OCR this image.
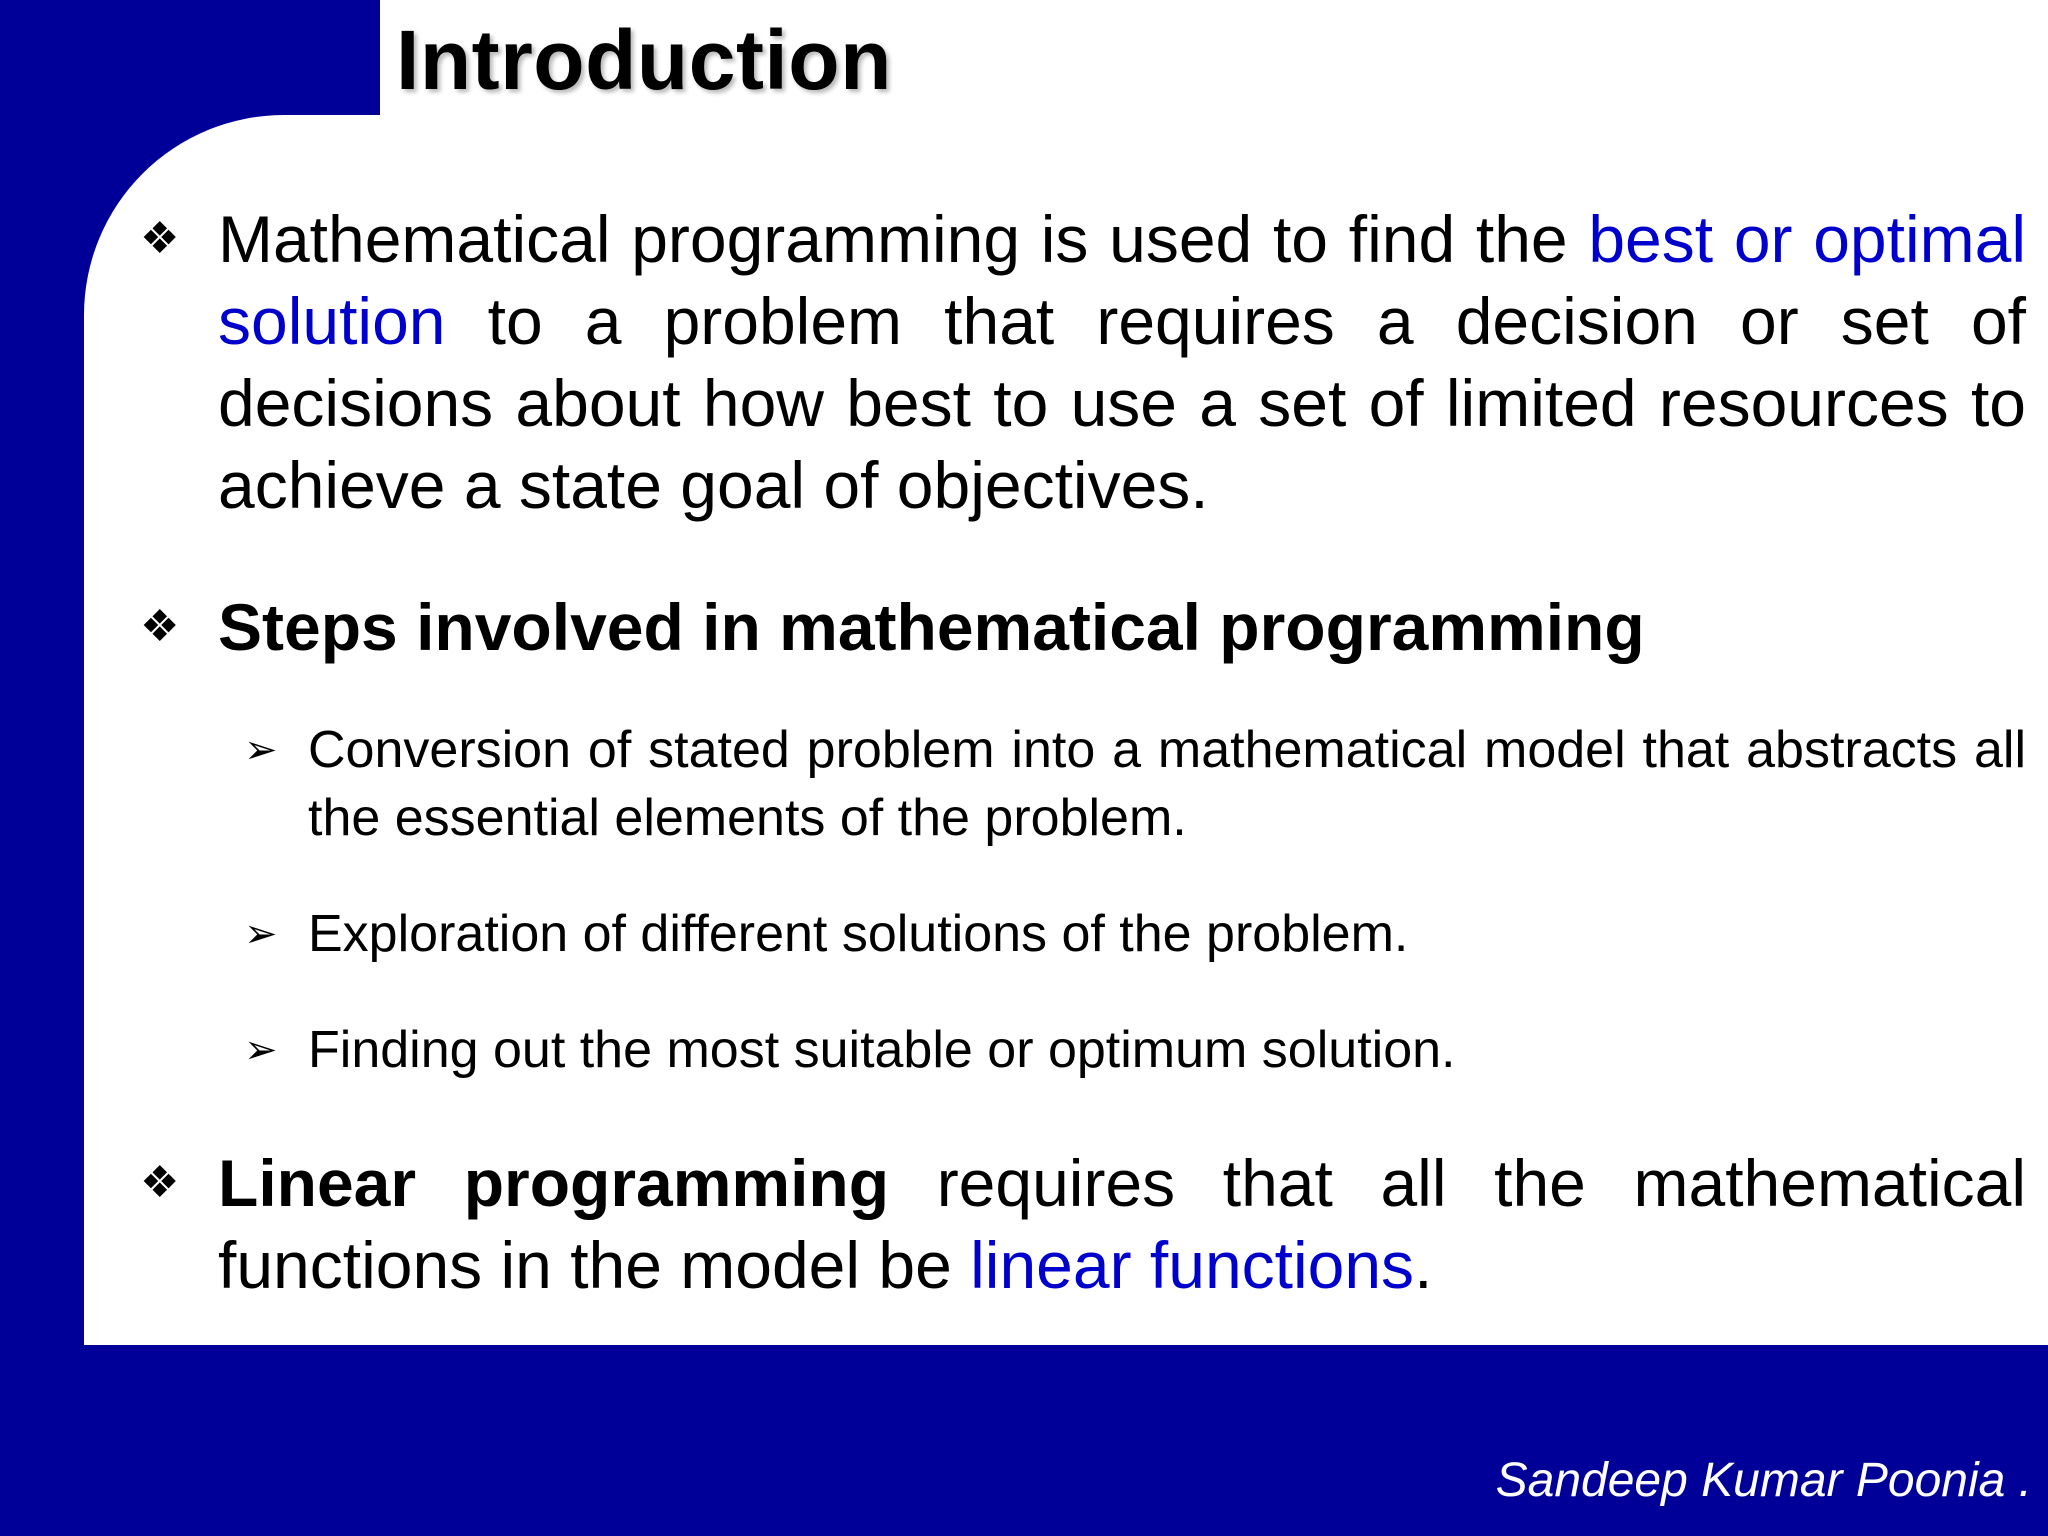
Introduction
❖ Mathematical programming is used to find the best or optimal solution to a problem that requires a decision or set of decisions about how best to use a set of limited resources to achieve a state goal of objectives.
❖ Steps involved in mathematical programming
➢ Conversion of stated problem into a mathematical model that abstracts all the essential elements of the problem.
➢ Exploration of different solutions of the problem.
➢ Finding out the most suitable or optimum solution.
❖ Linear programming requires that all the mathematical functions in the model be linear functions.
Sandeep Kumar Poonia .
